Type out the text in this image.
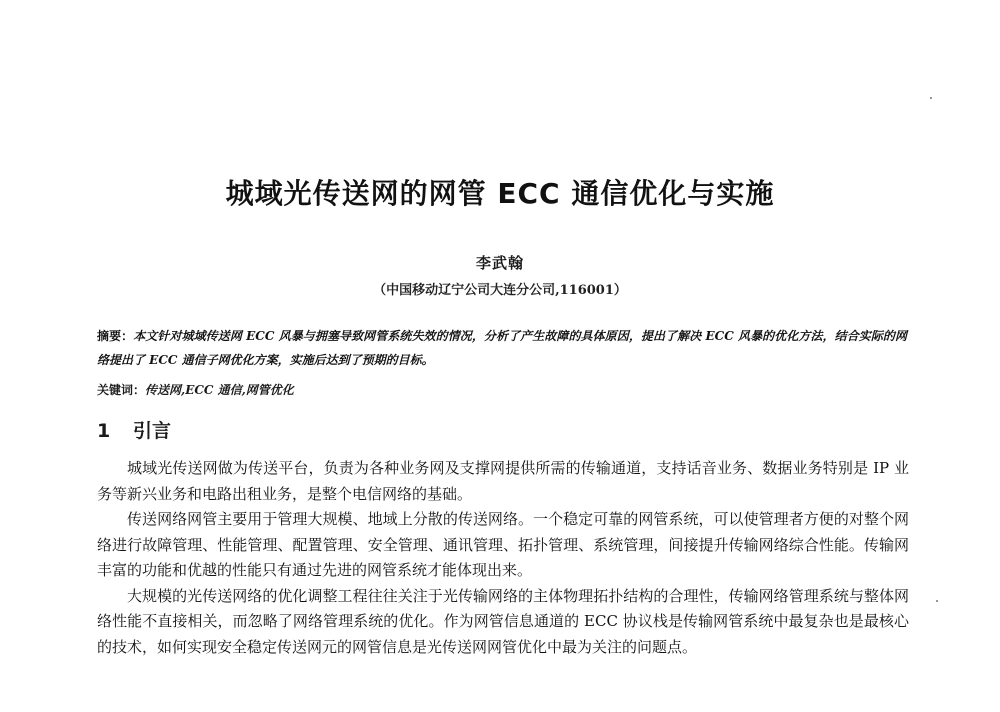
城域光传送网的网管 ECC 通信优化与实施
李武翰
（中国移动辽宁公司大连分公司,116001）
摘要：本文针对城域传送网 ECC 风暴与拥塞导致网管系统失效的情况，分析了产生故障的具体原因，提出了解决 ECC 风暴的优化方法，结合实际的网络提出了 ECC 通信子网优化方案，实施后达到了预期的目标。
关键词：传送网,ECC 通信,网管优化
1 引言

城域光传送网做为传送平台，负责为各种业务网及支撑网提供所需的传输通道，支持话音业务、数据业务特别是 IP 业务等新兴业务和电路出租业务，是整个电信网络的基础。

传送网络网管主要用于管理大规模、地域上分散的传送网络。一个稳定可靠的网管系统，可以使管理者方便的对整个网络进行故障管理、性能管理、配置管理、安全管理、通讯管理、拓扑管理、系统管理，间接提升传输网络综合性能。传输网丰富的功能和优越的性能只有通过先进的网管系统才能体现出来。

大规模的光传送网络的优化调整工程往往关注于光传输网络的主体物理拓扑结构的合理性，传输网络管理系统与整体网络性能不直接相关，而忽略了网络管理系统的优化。作为网管信息通道的 ECC 协议栈是传输网管系统中最复杂也是最核心的技术，如何实现安全稳定传送网元的网管信息是光传送网网管优化中最为关注的问题点。
